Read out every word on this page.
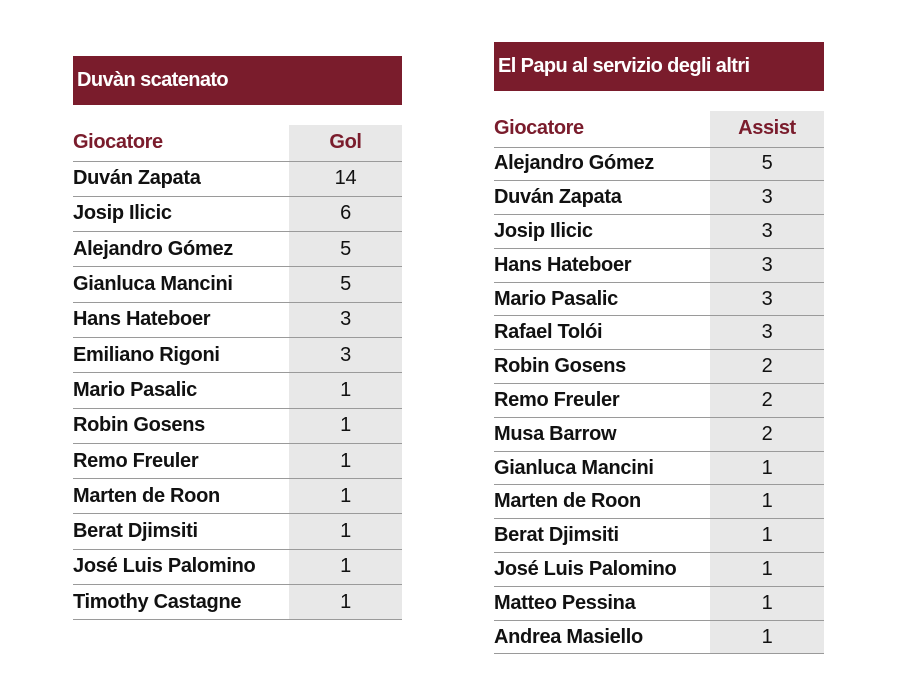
Duvàn scatenato
Giocatore	Gol
Duván Zapata	14
Josip Ilicic	6
Alejandro Gómez	5
Gianluca Mancini	5
Hans Hateboer	3
Emiliano Rigoni	3
Mario Pasalic	1
Robin Gosens	1
Remo Freuler	1
Marten de Roon	1
Berat Djimsiti	1
José Luis Palomino	1
Timothy Castagne	1
El Papu al servizio degli altri
Giocatore	Assist
Alejandro Gómez	5
Duván Zapata	3
Josip Ilicic	3
Hans Hateboer	3
Mario Pasalic	3
Rafael Tolói	3
Robin Gosens	2
Remo Freuler	2
Musa Barrow	2
Gianluca Mancini	1
Marten de Roon	1
Berat Djimsiti	1
José Luis Palomino	1
Matteo Pessina	1
Andrea Masiello	1
